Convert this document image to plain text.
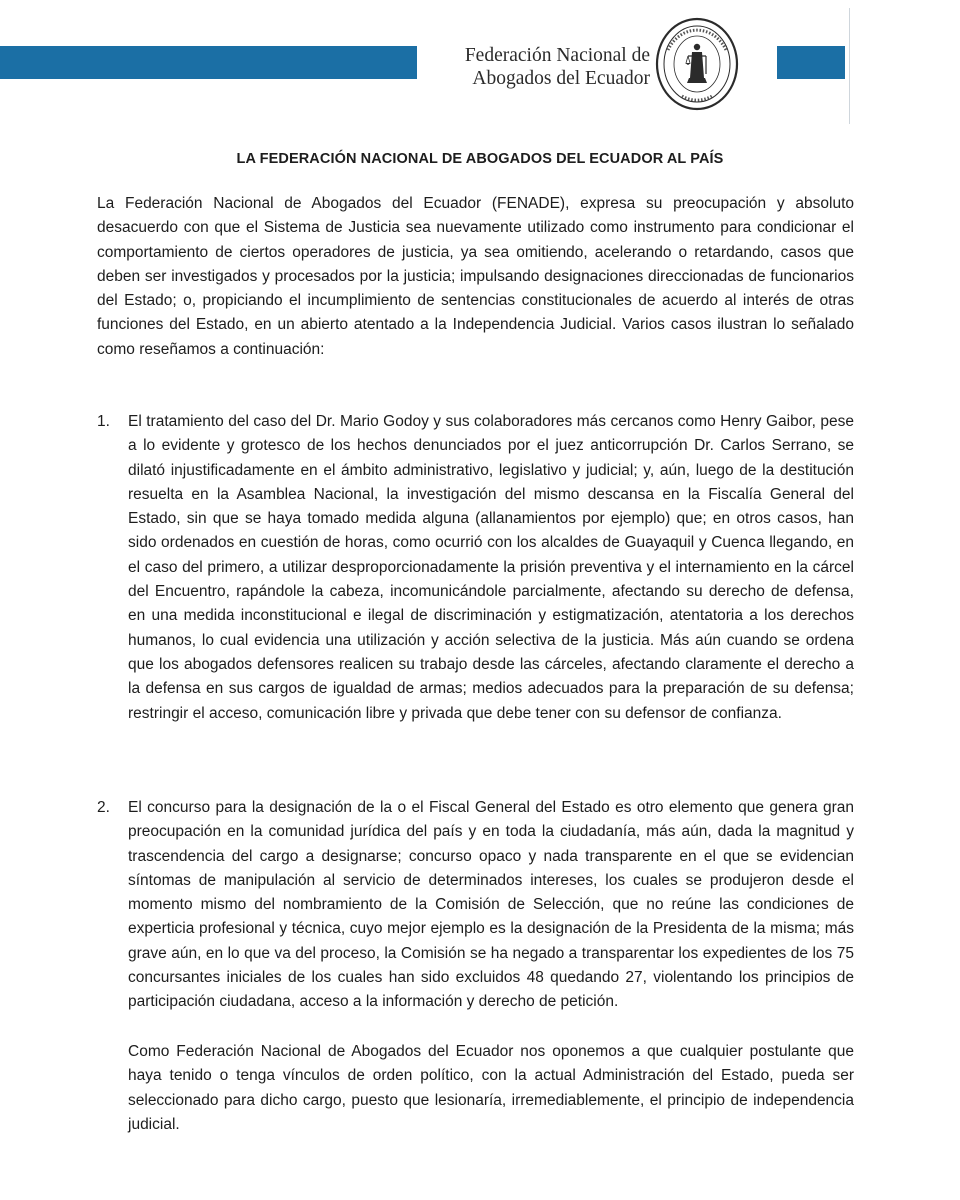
Federación Nacional de
Abogados del Ecuador
LA FEDERACIÓN NACIONAL DE ABOGADOS DEL ECUADOR AL PAÍS

La Federación Nacional de Abogados del Ecuador (FENADE), expresa su preocupación y absoluto desacuerdo con que el Sistema de Justicia sea nuevamente utilizado como instrumento para condicionar el comportamiento de ciertos operadores de justicia, ya sea omitiendo, acelerando o retardando, casos que deben ser investigados y procesados por la justicia; impulsando designaciones direccionadas de funcionarios del Estado; o, propiciando el incumplimiento de sentencias constitucionales de acuerdo al interés de otras funciones del Estado, en un abierto atentado a la Independencia Judicial. Varios casos ilustran lo señalado como reseñamos a continuación:

1. El tratamiento del caso del Dr. Mario Godoy y sus colaboradores más cercanos como Henry Gaibor, pese a lo evidente y grotesco de los hechos denunciados por el juez anticorrupción Dr. Carlos Serrano, se dilató injustificadamente en el ámbito administrativo, legislativo y judicial; y, aún, luego de la destitución resuelta en la Asamblea Nacional, la investigación del mismo descansa en la Fiscalía General del Estado, sin que se haya tomado medida alguna (allanamientos por ejemplo) que; en otros casos, han sido ordenados en cuestión de horas, como ocurrió con los alcaldes de Guayaquil y Cuenca llegando, en el caso del primero, a utilizar desproporcionadamente la prisión preventiva y el internamiento en la cárcel del Encuentro, rapándole la cabeza, incomunicándole parcialmente, afectando su derecho de defensa, en una medida inconstitucional e ilegal de discriminación y estigmatización, atentatoria a los derechos humanos, lo cual evidencia una utilización y acción selectiva de la justicia. Más aún cuando se ordena que los abogados defensores realicen su trabajo desde las cárceles, afectando claramente el derecho a la defensa en sus cargos de igualdad de armas; medios adecuados para la preparación de su defensa; restringir el acceso, comunicación libre y privada que debe tener con su defensor de confianza.

2. El concurso para la designación de la o el Fiscal General del Estado es otro elemento que genera gran preocupación en la comunidad jurídica del país y en toda la ciudadanía, más aún, dada la magnitud y trascendencia del cargo a designarse; concurso opaco y nada transparente en el que se evidencian síntomas de manipulación al servicio de determinados intereses, los cuales se produjeron desde el momento mismo del nombramiento de la Comisión de Selección, que no reúne las condiciones de experticia profesional y técnica, cuyo mejor ejemplo es la designación de la Presidenta de la misma; más grave aún, en lo que va del proceso, la Comisión se ha negado a transparentar los expedientes de los 75 concursantes iniciales de los cuales han sido excluidos 48 quedando 27, violentando los principios de participación ciudadana, acceso a la información y derecho de petición.

Como Federación Nacional de Abogados del Ecuador nos oponemos a que cualquier postulante que haya tenido o tenga vínculos de orden político, con la actual Administración del Estado, pueda ser seleccionado para dicho cargo, puesto que lesionaría, irremediablemente, el principio de independencia judicial.
